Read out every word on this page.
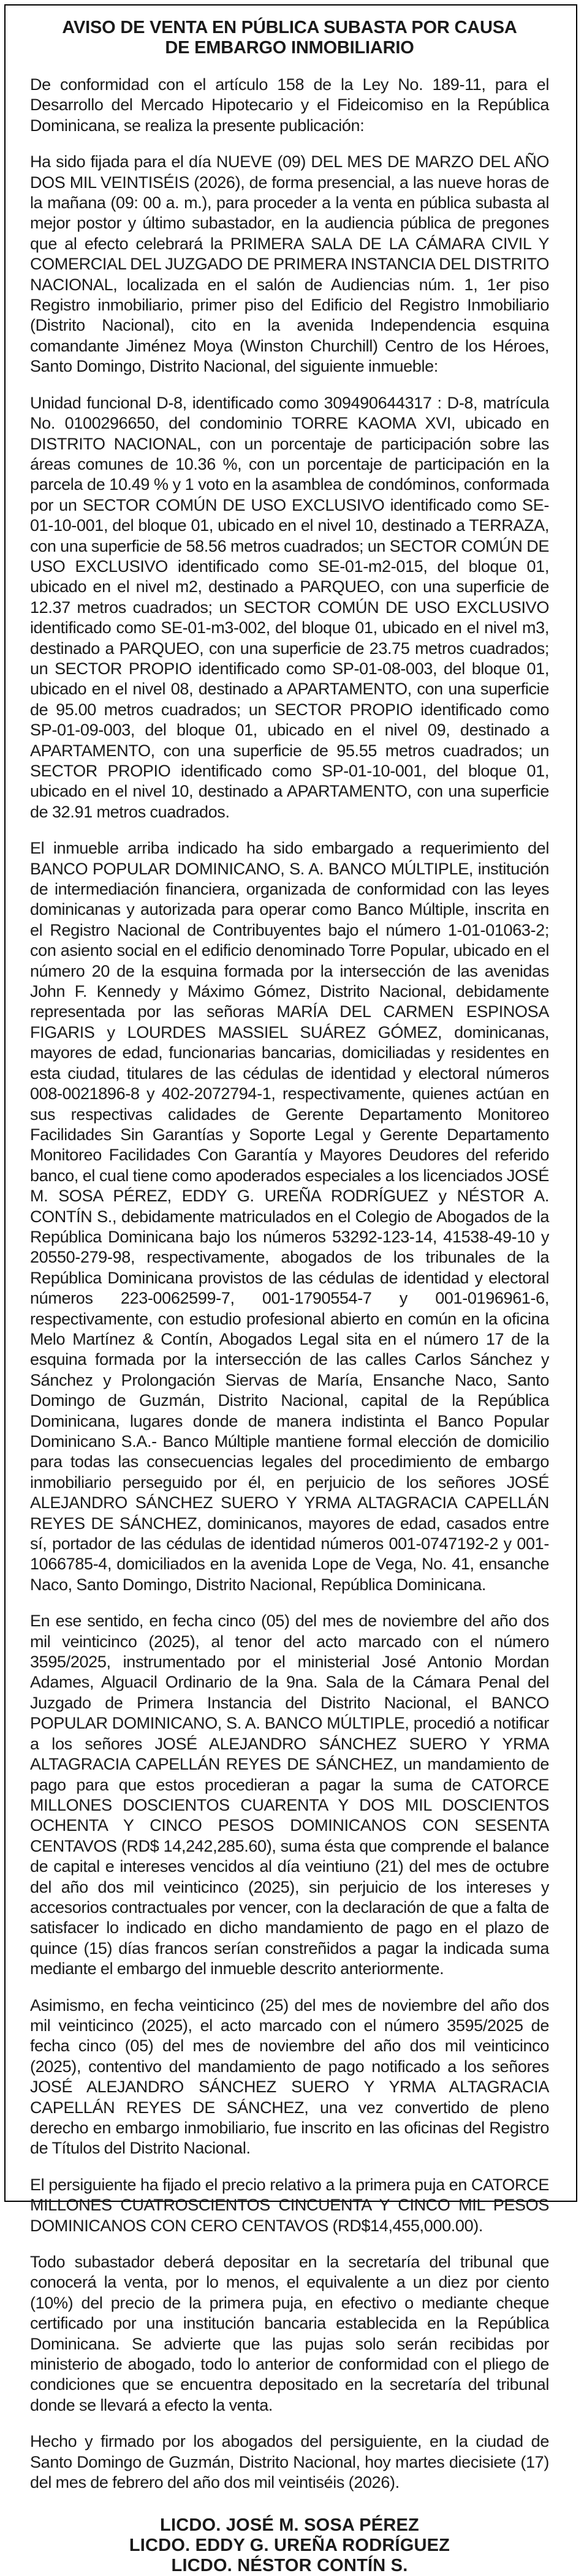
AVISO DE VENTA EN PÚBLICA SUBASTA POR CAUSA
DE EMBARGO INMOBILIARIO

De conformidad con el artículo 158 de la Ley No. 189-11, para el Desarrollo del Mercado Hipotecario y el Fideicomiso en la República Dominicana, se realiza la presente publicación:

Ha sido fijada para el día NUEVE (09) DEL MES DE MARZO DEL AÑO DOS MIL VEINTISÉIS (2026), de forma presencial, a las nueve horas de la mañana (09: 00 a. m.), para proceder a la venta en pública subasta al mejor postor y último subastador, en la audiencia pública de pregones que al efecto celebrará la PRIMERA SALA DE LA CÁMARA CIVIL Y COMERCIAL DEL JUZGADO DE PRIMERA INSTANCIA DEL DISTRITO NACIONAL, localizada en el salón de Audiencias núm. 1, 1er piso Registro inmobiliario, primer piso del Edificio del Registro Inmobiliario (Distrito Nacional), cito en la avenida Independencia esquina comandante Jiménez Moya (Winston Churchill) Centro de los Héroes, Santo Domingo, Distrito Nacional, del siguiente inmueble:

Unidad funcional D-8, identificado como 309490644317 : D-8, matrícula No. 0100296650, del condominio TORRE KAOMA XVI, ubicado en DISTRITO NACIONAL, con un porcentaje de participación sobre las áreas comunes de 10.36 %, con un porcentaje de participación en la parcela de 10.49 % y 1 voto en la asamblea de condóminos, conformada por un SECTOR COMÚN DE USO EXCLUSIVO identificado como SE-01-10-001, del bloque 01, ubicado en el nivel 10, destinado a TERRAZA, con una superficie de 58.56 metros cuadrados; un SECTOR COMÚN DE USO EXCLUSIVO identificado como SE-01-m2-015, del bloque 01, ubicado en el nivel m2, destinado a PARQUEO, con una superficie de 12.37 metros cuadrados; un SECTOR COMÚN DE USO EXCLUSIVO identificado como SE-01-m3-002, del bloque 01, ubicado en el nivel m3, destinado a PARQUEO, con una superficie de 23.75 metros cuadrados; un SECTOR PROPIO identificado como SP-01-08-003, del bloque 01, ubicado en el nivel 08, destinado a APARTAMENTO, con una superficie de 95.00 metros cuadrados; un SECTOR PROPIO identificado como SP-01-09-003, del bloque 01, ubicado en el nivel 09, destinado a APARTAMENTO, con una superficie de 95.55 metros cuadrados; un SECTOR PROPIO identificado como SP-01-10-001, del bloque 01, ubicado en el nivel 10, destinado a APARTAMENTO, con una superficie de 32.91 metros cuadrados.

El inmueble arriba indicado ha sido embargado a requerimiento del BANCO POPULAR DOMINICANO, S. A. BANCO MÚLTIPLE, institución de intermediación financiera, organizada de conformidad con las leyes dominicanas y autorizada para operar como Banco Múltiple, inscrita en el Registro Nacional de Contribuyentes bajo el número 1-01-01063-2; con asiento social en el edificio denominado Torre Popular, ubicado en el número 20 de la esquina formada por la intersección de las avenidas John F. Kennedy y Máximo Gómez, Distrito Nacional, debidamente representada por las señoras MARÍA DEL CARMEN ESPINOSA FIGARIS y LOURDES MASSIEL SUÁREZ GÓMEZ, dominicanas, mayores de edad, funcionarias bancarias, domiciliadas y residentes en esta ciudad, titulares de las cédulas de identidad y electoral números 008-0021896-8 y 402-2072794-1, respectivamente, quienes actúan en sus respectivas calidades de Gerente Departamento Monitoreo Facilidades Sin Garantías y Soporte Legal y Gerente Departamento Monitoreo Facilidades Con Garantía y Mayores Deudores del referido banco, el cual tiene como apoderados especiales a los licenciados JOSÉ M. SOSA PÉREZ, EDDY G. UREÑA RODRÍGUEZ y NÉSTOR A. CONTÍN S., debidamente matriculados en el Colegio de Abogados de la República Dominicana bajo los números 53292-123-14, 41538-49-10 y 20550-279-98, respectivamente, abogados de los tribunales de la República Dominicana provistos de las cédulas de identidad y electoral números 223-0062599-7, 001-1790554-7 y 001-0196961-6, respectivamente, con estudio profesional abierto en común en la oficina Melo Martínez & Contín, Abogados Legal sita en el número 17 de la esquina formada por la intersección de las calles Carlos Sánchez y Sánchez y Prolongación Siervas de María, Ensanche Naco, Santo Domingo de Guzmán, Distrito Nacional, capital de la República Dominicana, lugares donde de manera indistinta el Banco Popular Dominicano S.A.- Banco Múltiple mantiene formal elección de domicilio para todas las consecuencias legales del procedimiento de embargo inmobiliario perseguido por él, en perjuicio de los señores JOSÉ ALEJANDRO SÁNCHEZ SUERO Y YRMA ALTAGRACIA CAPELLÁN REYES DE SÁNCHEZ, dominicanos, mayores de edad, casados entre sí, portador de las cédulas de identidad números 001-0747192-2 y 001-1066785-4, domiciliados en la avenida Lope de Vega, No. 41, ensanche Naco, Santo Domingo, Distrito Nacional, República Dominicana.

En ese sentido, en fecha cinco (05) del mes de noviembre del año dos mil veinticinco (2025), al tenor del acto marcado con el número 3595/2025, instrumentado por el ministerial José Antonio Mordan Adames, Alguacil Ordinario de la 9na. Sala de la Cámara Penal del Juzgado de Primera Instancia del Distrito Nacional, el BANCO POPULAR DOMINICANO, S. A. BANCO MÚLTIPLE, procedió a notificar a los señores JOSÉ ALEJANDRO SÁNCHEZ SUERO Y YRMA ALTAGRACIA CAPELLÁN REYES DE SÁNCHEZ, un mandamiento de pago para que estos procedieran a pagar la suma de CATORCE MILLONES DOSCIENTOS CUARENTA Y DOS MIL DOSCIENTOS OCHENTA Y CINCO PESOS DOMINICANOS CON SESENTA CENTAVOS (RD$ 14,242,285.60), suma ésta que comprende el balance de capital e intereses vencidos al día veintiuno (21) del mes de octubre del año dos mil veinticinco (2025), sin perjuicio de los intereses y accesorios contractuales por vencer, con la declaración de que a falta de satisfacer lo indicado en dicho mandamiento de pago en el plazo de quince (15) días francos serían constreñidos a pagar la indicada suma mediante el embargo del inmueble descrito anteriormente.

Asimismo, en fecha veinticinco (25) del mes de noviembre del año dos mil veinticinco (2025), el acto marcado con el número 3595/2025 de fecha cinco (05) del mes de noviembre del año dos mil veinticinco (2025), contentivo del mandamiento de pago notificado a los señores JOSÉ ALEJANDRO SÁNCHEZ SUERO Y YRMA ALTAGRACIA CAPELLÁN REYES DE SÁNCHEZ, una vez convertido de pleno derecho en embargo inmobiliario, fue inscrito en las oficinas del Registro de Títulos del Distrito Nacional.

El persiguiente ha fijado el precio relativo a la primera puja en CATORCE MILLONES CUATROSCIENTOS CINCUENTA Y CINCO MIL PESOS DOMINICANOS CON CERO CENTAVOS (RD$14,455,000.00).

Todo subastador deberá depositar en la secretaría del tribunal que conocerá la venta, por lo menos, el equivalente a un diez por ciento (10%) del precio de la primera puja, en efectivo o mediante cheque certificado por una institución bancaria establecida en la República Dominicana. Se advierte que las pujas solo serán recibidas por ministerio de abogado, todo lo anterior de conformidad con el pliego de condiciones que se encuentra depositado en la secretaría del tribunal donde se llevará a efecto la venta.

Hecho y firmado por los abogados del persiguiente, en la ciudad de Santo Domingo de Guzmán, Distrito Nacional, hoy martes diecisiete (17) del mes de febrero del año dos mil veintiséis (2026).

LICDO. JOSÉ M. SOSA PÉREZ
LICDO. EDDY G. UREÑA RODRÍGUEZ
LICDO. NÉSTOR CONTÍN S.
